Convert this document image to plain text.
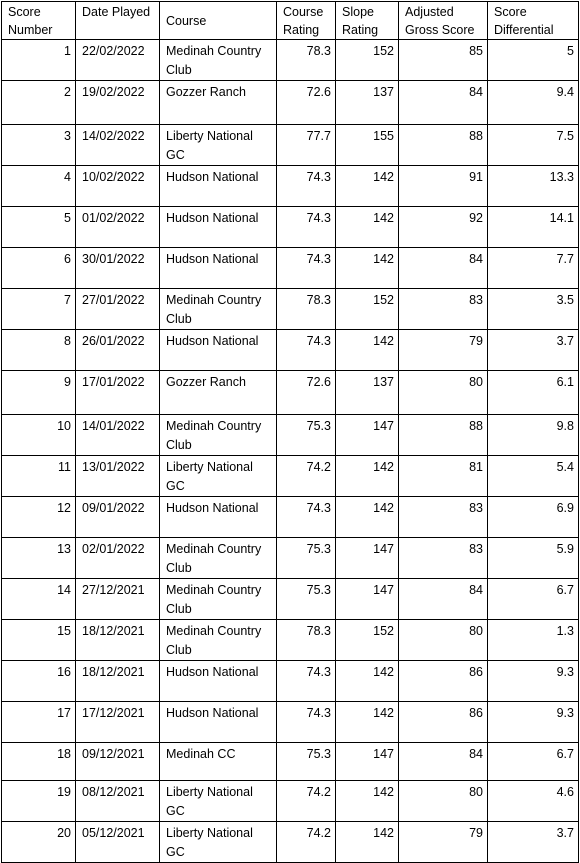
Score Number	Date Played	Course	Course Rating	Slope Rating	Adjusted Gross Score	Score Differential
1	22/02/2022	Medinah Country Club	78.3	152	85	5
2	19/02/2022	Gozzer Ranch	72.6	137	84	9.4
3	14/02/2022	Liberty National GC	77.7	155	88	7.5
4	10/02/2022	Hudson National	74.3	142	91	13.3
5	01/02/2022	Hudson National	74.3	142	92	14.1
6	30/01/2022	Hudson National	74.3	142	84	7.7
7	27/01/2022	Medinah Country Club	78.3	152	83	3.5
8	26/01/2022	Hudson National	74.3	142	79	3.7
9	17/01/2022	Gozzer Ranch	72.6	137	80	6.1
10	14/01/2022	Medinah Country Club	75.3	147	88	9.8
11	13/01/2022	Liberty National GC	74.2	142	81	5.4
12	09/01/2022	Hudson National	74.3	142	83	6.9
13	02/01/2022	Medinah Country Club	75.3	147	83	5.9
14	27/12/2021	Medinah Country Club	75.3	147	84	6.7
15	18/12/2021	Medinah Country Club	78.3	152	80	1.3
16	18/12/2021	Hudson National	74.3	142	86	9.3
17	17/12/2021	Hudson National	74.3	142	86	9.3
18	09/12/2021	Medinah CC	75.3	147	84	6.7
19	08/12/2021	Liberty National GC	74.2	142	80	4.6
20	05/12/2021	Liberty National GC	74.2	142	79	3.7
